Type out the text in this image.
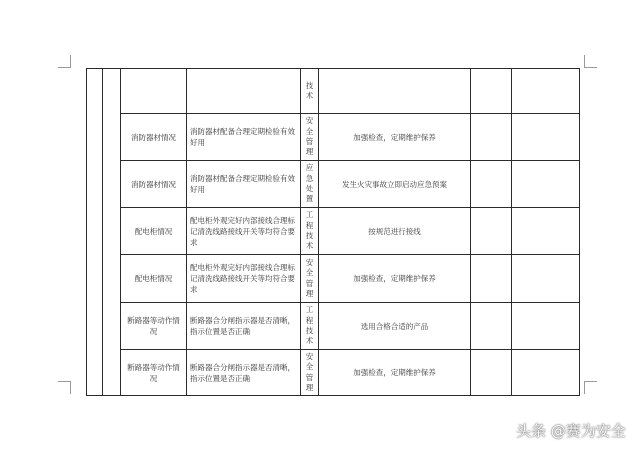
				技术			

		消防器材情况	消防器材配备合理定期检验有效好用	安全管理	加强检查，定期维护保养		
		消防器材情况	消防器材配备合理定期检验有效好用	应急处置	发生火灾事故立即启动应急预案		
		配电柜情况	配电柜外观完好内部接线合理标记清洗线路接线开关等均符合要求	工程技术	按规范进行接线		
		配电柜情况	配电柜外观完好内部接线合理标记清洗线路接线开关等均符合要求	安全管理	加强检查，定期维护保养		
		断路器等动作情况	断路器合分闸指示器是否清晰，指示位置是否正确	工程技术	选用合格合适的产品		
		断路器等动作情况	断路器合分闸指示器是否清晰，指示位置是否正确	安全管理	加强检查，定期维护保养		
头条 @赛为安全
